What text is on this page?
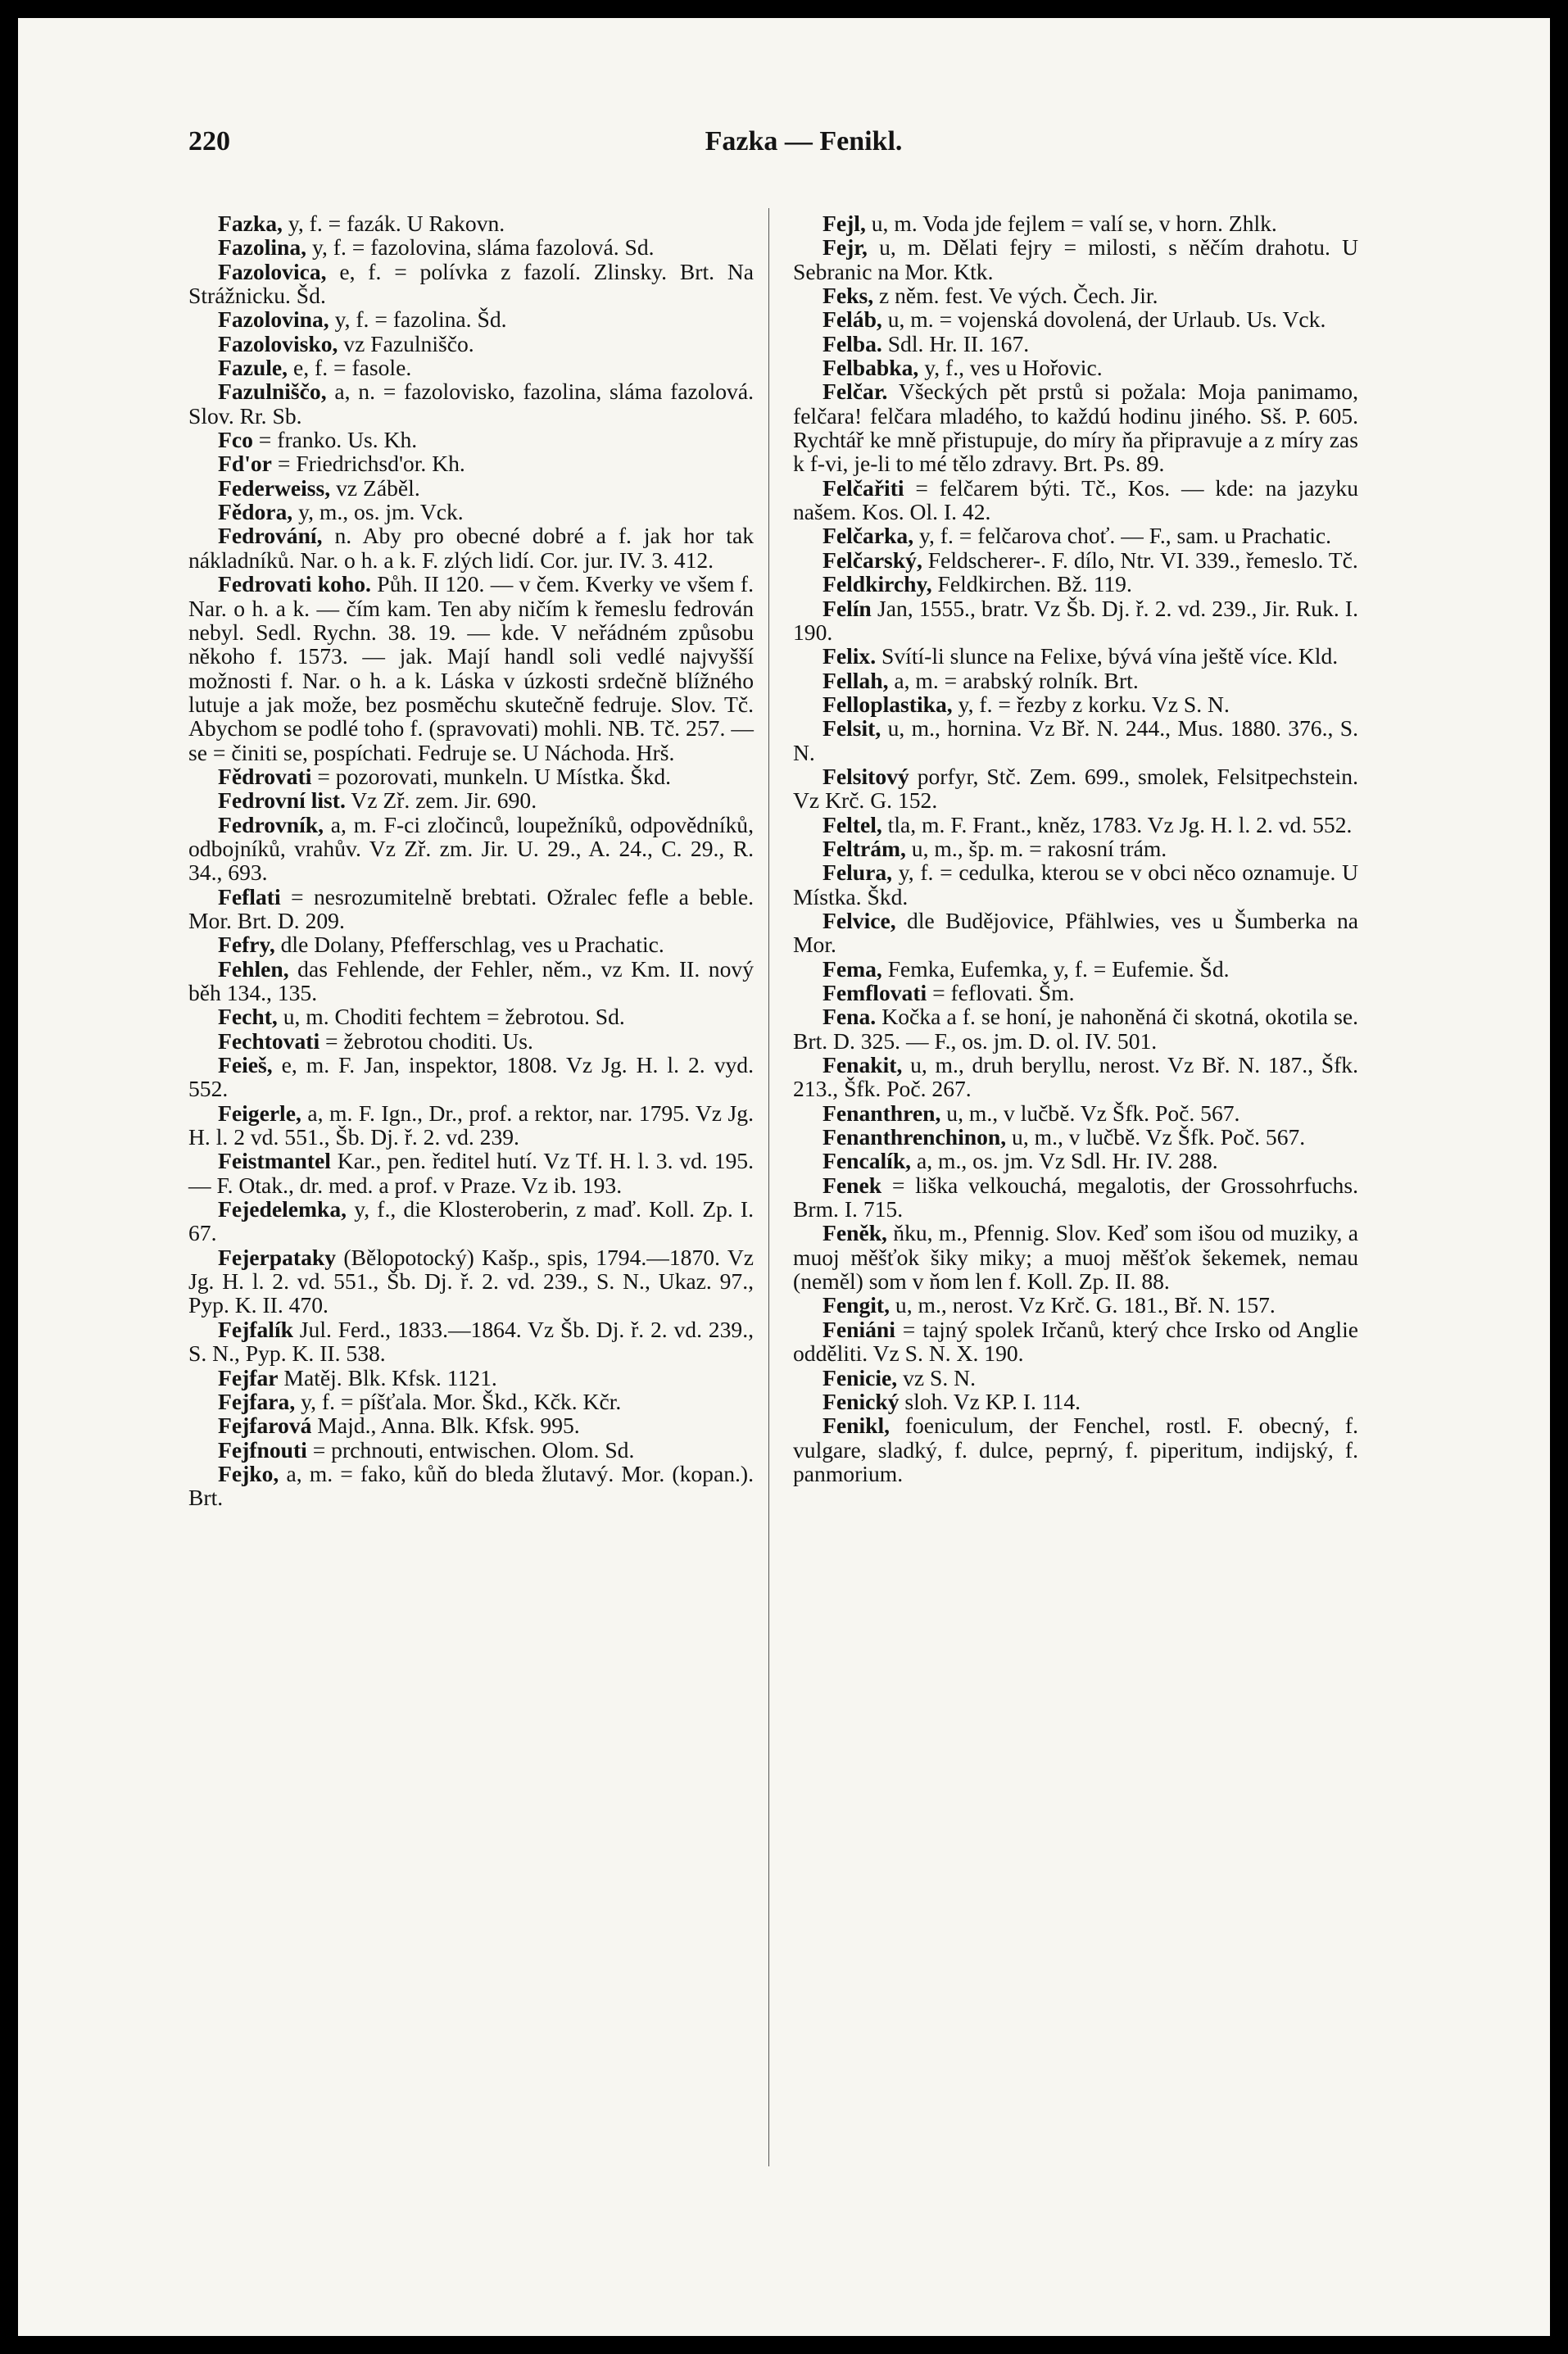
220	Fazka — Fenikl.

Fazka, y, f. = fazák. U Rakovn.

Fazolina, y, f. = fazolovina, sláma fazolová. Sd.

Fazolovica, e, f. = polívka z fazolí. Zlinsky. Brt. Na Strážnicku. Šd.

Fazolovina, y, f. = fazolina. Šd.

Fazolovisko, vz Fazulniščo.

Fazule, e, f. = fasole.

Fazulniščo, a, n. = fazolovisko, fazolina, sláma fazolová. Slov. Rr. Sb.

Fco = franko. Us. Kh.

Fd'or = Friedrichsd'or. Kh.

Federweiss, vz Záběl.

Fědora, y, m., os. jm. Vck.

Fedrování, n. Aby pro obecné dobré a f. jak hor tak nákladníků. Nar. o h. a k. F. zlých lidí. Cor. jur. IV. 3. 412.

Fedrovati koho. Půh. II 120. — v čem. Kverky ve všem f. Nar. o h. a k. — čím kam. Ten aby ničím k řemeslu fedrován nebyl. Sedl. Rychn. 38. 19. — kde. V neřádném způsobu někoho f. 1573. — jak. Mají handl soli vedlé najvyšší možnosti f. Nar. o h. a k. Láska v úzkosti srdečně blížného lutuje a jak može, bez posměchu skutečně fedruje. Slov. Tč. Abychom se podlé toho f. (spravovati) mohli. NB. Tč. 257. — se = činiti se, pospíchati. Fedruje se. U Náchoda. Hrš.

Fědrovati = pozorovati, munkeln. U Místka. Škd.

Fedrovní list. Vz Zř. zem. Jir. 690.

Fedrovník, a, m. F-ci zločinců, loupežníků, odpovědníků, odbojníků, vrahův. Vz Zř. zm. Jir. U. 29., A. 24., C. 29., R. 34., 693.

Feflati = nesrozumitelně brebtati. Ožralec fefle a beble. Mor. Brt. D. 209.

Fefry, dle Dolany, Pfefferschlag, ves u Prachatic.

Fehlen, das Fehlende, der Fehler, něm., vz Km. II. nový běh 134., 135.

Fecht, u, m. Choditi fechtem = žebrotou. Sd.

Fechtovati = žebrotou choditi. Us.

Feieš, e, m. F. Jan, inspektor, 1808. Vz Jg. H. l. 2. vyd. 552.

Feigerle, a, m. F. Ign., Dr., prof. a rektor, nar. 1795. Vz Jg. H. l. 2 vd. 551., Šb. Dj. ř. 2. vd. 239.

Feistmantel Kar., pen. ředitel hutí. Vz Tf. H. l. 3. vd. 195. — F. Otak., dr. med. a prof. v Praze. Vz ib. 193.

Fejedelemka, y, f., die Klosteroberin, z maď. Koll. Zp. I. 67.

Fejerpataky (Bělopotocký) Kašp., spis, 1794.—1870. Vz Jg. H. l. 2. vd. 551., Šb. Dj. ř. 2. vd. 239., S. N., Ukaz. 97., Pyp. K. II. 470.

Fejfalík Jul. Ferd., 1833.—1864. Vz Šb. Dj. ř. 2. vd. 239., S. N., Pyp. K. II. 538.

Fejfar Matěj. Blk. Kfsk. 1121.

Fejfara, y, f. = píšťala. Mor. Škd., Kčk. Kčr.

Fejfarová Majd., Anna. Blk. Kfsk. 995.

Fejfnouti = prchnouti, entwischen. Olom. Sd.

Fejko, a, m. = fako, kůň do bleda žlutavý. Mor. (kopan.). Brt.

Fejl, u, m. Voda jde fejlem = valí se, v horn. Zhlk.

Fejr, u, m. Dělati fejry = milosti, s něčím drahotu. U Sebranic na Mor. Ktk.

Feks, z něm. fest. Ve vých. Čech. Jir.

Feláb, u, m. = vojenská dovolená, der Urlaub. Us. Vck.

Felba. Sdl. Hr. II. 167.

Felbabka, y, f., ves u Hořovic.

Felčar. Všeckých pět prstů si požala: Moja panimamo, felčara! felčara mladého, to každú hodinu jiného. Sš. P. 605. Rychtář ke mně přistupuje, do míry ňa připravuje a z míry zas k f-vi, je-li to mé tělo zdravy. Brt. Ps. 89.

Felčařiti = felčarem býti. Tč., Kos. — kde: na jazyku našem. Kos. Ol. I. 42.

Felčarka, y, f. = felčarova choť. — F., sam. u Prachatic.

Felčarský, Feldscherer-. F. dílo, Ntr. VI. 339., řemeslo. Tč.

Feldkirchy, Feldkirchen. Bž. 119.

Felín Jan, 1555., bratr. Vz Šb. Dj. ř. 2. vd. 239., Jir. Ruk. I. 190.

Felix. Svítí-li slunce na Felixe, bývá vína ještě více. Kld.

Fellah, a, m. = arabský rolník. Brt.

Felloplastika, y, f. = řezby z korku. Vz S. N.

Felsit, u, m., hornina. Vz Bř. N. 244., Mus. 1880. 376., S. N.

Felsitový porfyr, Stč. Zem. 699., smolek, Felsitpechstein. Vz Krč. G. 152.

Feltel, tla, m. F. Frant., kněz, 1783. Vz Jg. H. l. 2. vd. 552.

Feltrám, u, m., šp. m. = rakosní trám.

Felura, y, f. = cedulka, kterou se v obci něco oznamuje. U Místka. Škd.

Felvice, dle Budějovice, Pfählwies, ves u Šumberka na Mor.

Fema, Femka, Eufemka, y, f. = Eufemie. Šd.

Femflovati = feflovati. Šm.

Fena. Kočka a f. se honí, je nahoněná či skotná, okotila se. Brt. D. 325. — F., os. jm. D. ol. IV. 501.

Fenakit, u, m., druh beryllu, nerost. Vz Bř. N. 187., Šfk. 213., Šfk. Poč. 267.

Fenanthren, u, m., v lučbě. Vz Šfk. Poč. 567.

Fenanthrenchinon, u, m., v lučbě. Vz Šfk. Poč. 567.

Fencalík, a, m., os. jm. Vz Sdl. Hr. IV. 288.

Fenek = liška velkouchá, megalotis, der Grossohrfuchs. Brm. I. 715.

Feněk, ňku, m., Pfennig. Slov. Keď som išou od muziky, a muoj měšťok šiky miky; a muoj měšťok šekemek, nemau (neměl) som v ňom len f. Koll. Zp. II. 88.

Fengit, u, m., nerost. Vz Krč. G. 181., Bř. N. 157.

Feniáni = tajný spolek Irčanů, který chce Irsko od Anglie odděliti. Vz S. N. X. 190.

Fenicie, vz S. N.

Fenický sloh. Vz KP. I. 114.

Fenikl, foeniculum, der Fenchel, rostl. F. obecný, f. vulgare, sladký, f. dulce, peprný, f. piperitum, indijský, f. panmorium.
